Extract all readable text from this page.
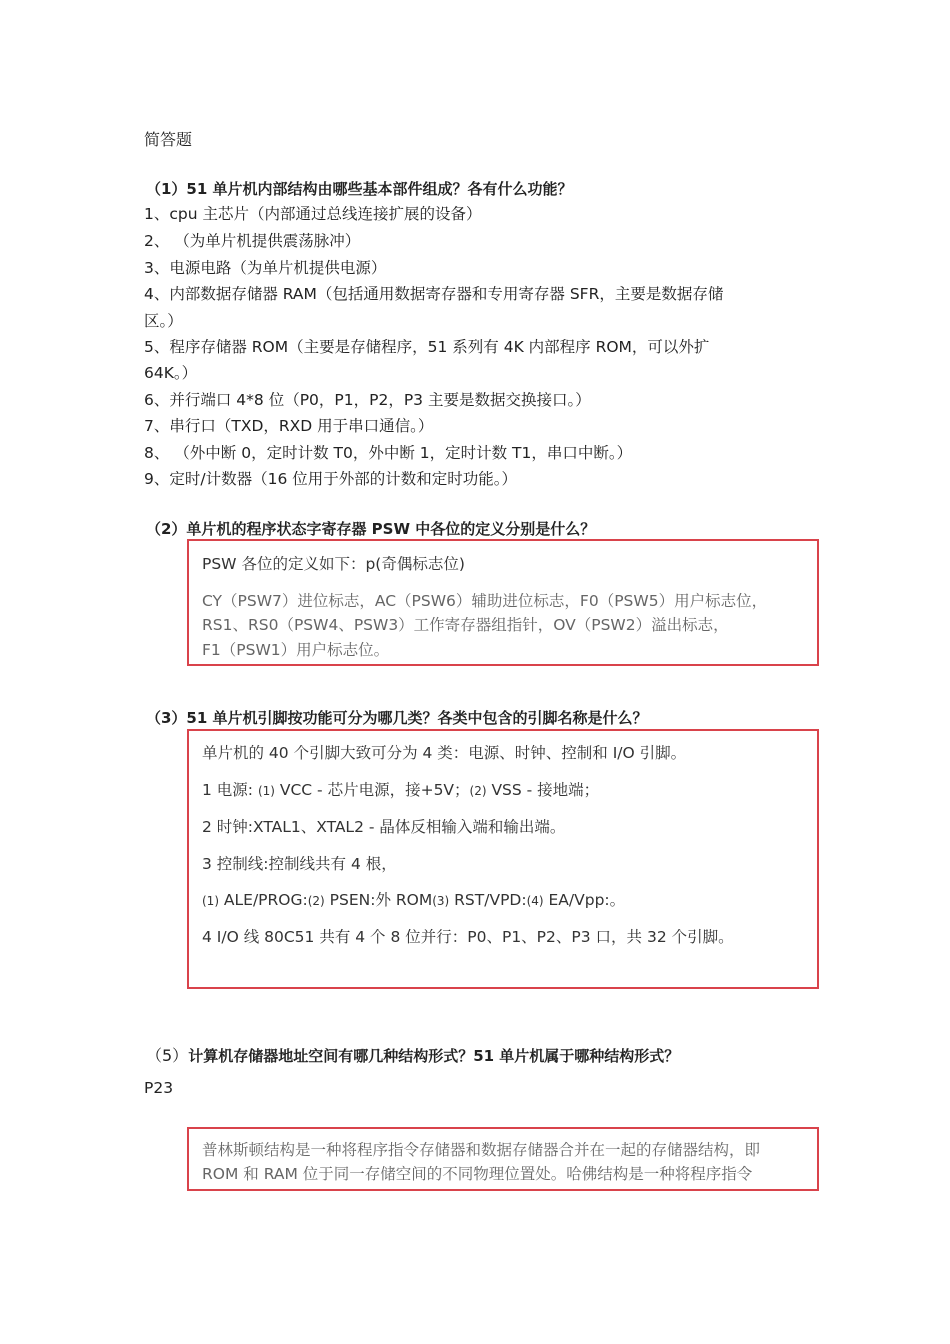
简答题
（1）51 单片机内部结构由哪些基本部件组成？各有什么功能？
1、cpu 主芯片（内部通过总线连接扩展的设备）
2、 （为单片机提供震荡脉冲）
3、电源电路（为单片机提供电源）
4、内部数据存储器 RAM（包括通用数据寄存器和专用寄存器 SFR，主要是数据存储
区。）
5、程序存储器 ROM（主要是存储程序，51 系列有 4K 内部程序 ROM，可以外扩
64K。）
6、并行端口 4*8 位（P0，P1，P2，P3 主要是数据交换接口。）
7、串行口（TXD，RXD 用于串口通信。）
8、 （外中断 0，定时计数 T0，外中断 1，定时计数 T1，串口中断。）
9、定时/计数器（16 位用于外部的计数和定时功能。）
（2）单片机的程序状态字寄存器 PSW 中各位的定义分别是什么？
PSW 各位的定义如下：p(奇偶标志位)
CY（PSW7）进位标志，AC（PSW6）辅助进位标志，F0（PSW5）用户标志位，
RS1、RS0（PSW4、PSW3）工作寄存器组指针，OV（PSW2）溢出标志，
F1（PSW1）用户标志位。
（3）51 单片机引脚按功能可分为哪几类？各类中包含的引脚名称是什么？
单片机的 40 个引脚大致可分为 4 类：电源、时钟、控制和 I/O 引脚。
1 电源: (1) VCC - 芯片电源，接+5V；(2) VSS - 接地端；
2 时钟:XTAL1、XTAL2 - 晶体反相输入端和输出端。
3 控制线:控制线共有 4 根，
(1) ALE/PROG:(2) PSEN:外 ROM(3) RST/VPD:(4) EA/Vpp:。
4 I/O 线 80C51 共有 4 个 8 位并行：P0、P1、P2、P3 口，共 32 个引脚。
（5）计算机存储器地址空间有哪几种结构形式？51 单片机属于哪种结构形式？
P23
普林斯顿结构是一种将程序指令存储器和数据存储器合并在一起的存储器结构，即
ROM 和 RAM 位于同一存储空间的不同物理位置处。哈佛结构是一种将程序指令
